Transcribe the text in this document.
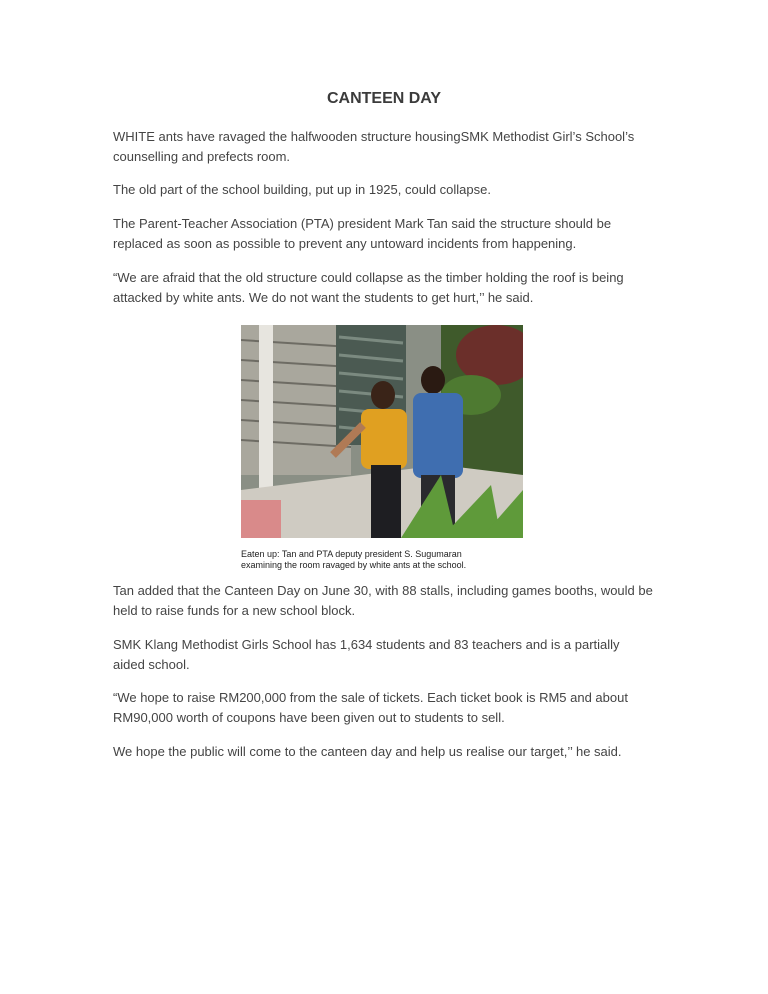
CANTEEN DAY

WHITE ants have ravaged the halfwooden structure housingSMK Methodist Girl’s School’s counselling and prefects room.

The old part of the school building, put up in 1925, could collapse.

The Parent-Teacher Association (PTA) president Mark Tan said the structure should be replaced as soon as possible to prevent any untoward incidents from happening.

“We are afraid that the old structure could collapse as the timber holding the roof is being attacked by white ants. We do not want the students to get hurt,’’ he said.

Eaten up: Tan and PTA deputy president S. Sugumaran
examining the room ravaged by white ants at the school.

Tan added that the Canteen Day on June 30, with 88 stalls, including games booths, would be held to raise funds for a new school block.

SMK Klang Methodist Girls School has 1,634 students and 83 teachers and is a partially aided school.

“We hope to raise RM200,000 from the sale of tickets. Each ticket book is RM5 and about RM90,000 worth of coupons have been given out to students to sell.

We hope the public will come to the canteen day and help us realise our target,’’ he said.
